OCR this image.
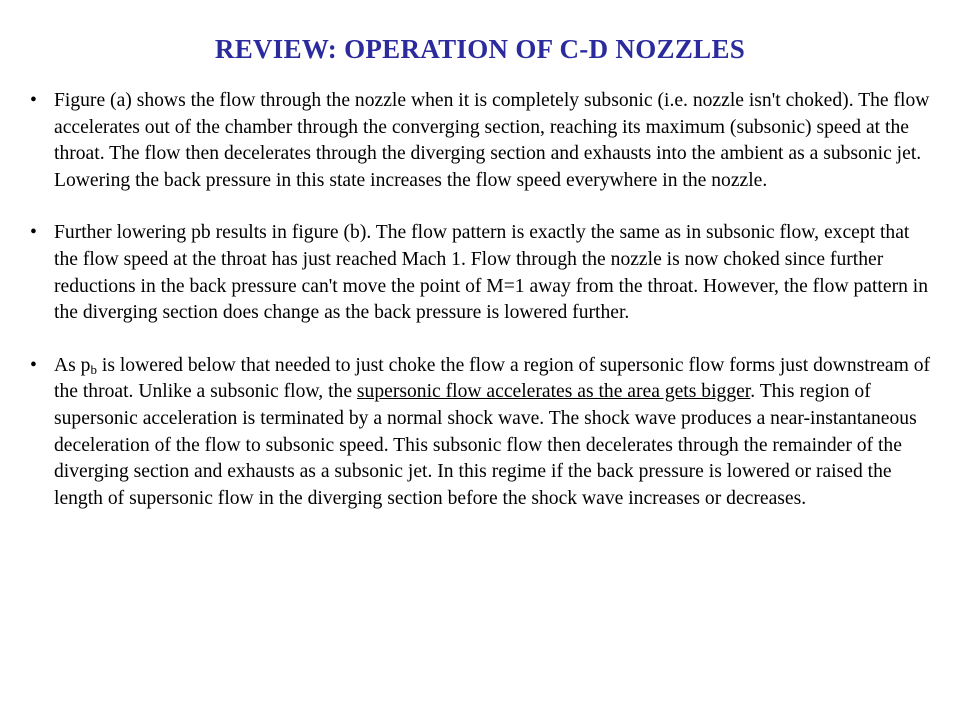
REVIEW: OPERATION OF C-D NOZZLES
• Figure (a) shows the flow through the nozzle when it is completely subsonic (i.e. nozzle isn't choked). The flow accelerates out of the chamber through the converging section, reaching its maximum (subsonic) speed at the throat. The flow then decelerates through the diverging section and exhausts into the ambient as a subsonic jet. Lowering the back pressure in this state increases the flow speed everywhere in the nozzle.
• Further lowering pb results in figure (b). The flow pattern is exactly the same as in subsonic flow, except that the flow speed at the throat has just reached Mach 1. Flow through the nozzle is now choked since further reductions in the back pressure can't move the point of M=1 away from the throat. However, the flow pattern in the diverging section does change as the back pressure is lowered further.
• As $p_b$ is lowered below that needed to just choke the flow a region of supersonic flow forms just downstream of the throat. Unlike a subsonic flow, the supersonic flow accelerates as the area gets bigger. This region of supersonic acceleration is terminated by a normal shock wave. The shock wave produces a near-instantaneous deceleration of the flow to subsonic speed. This subsonic flow then decelerates through the remainder of the diverging section and exhausts as a subsonic jet. In this regime if the back pressure is lowered or raised the length of supersonic flow in the diverging section before the shock wave increases or decreases.
